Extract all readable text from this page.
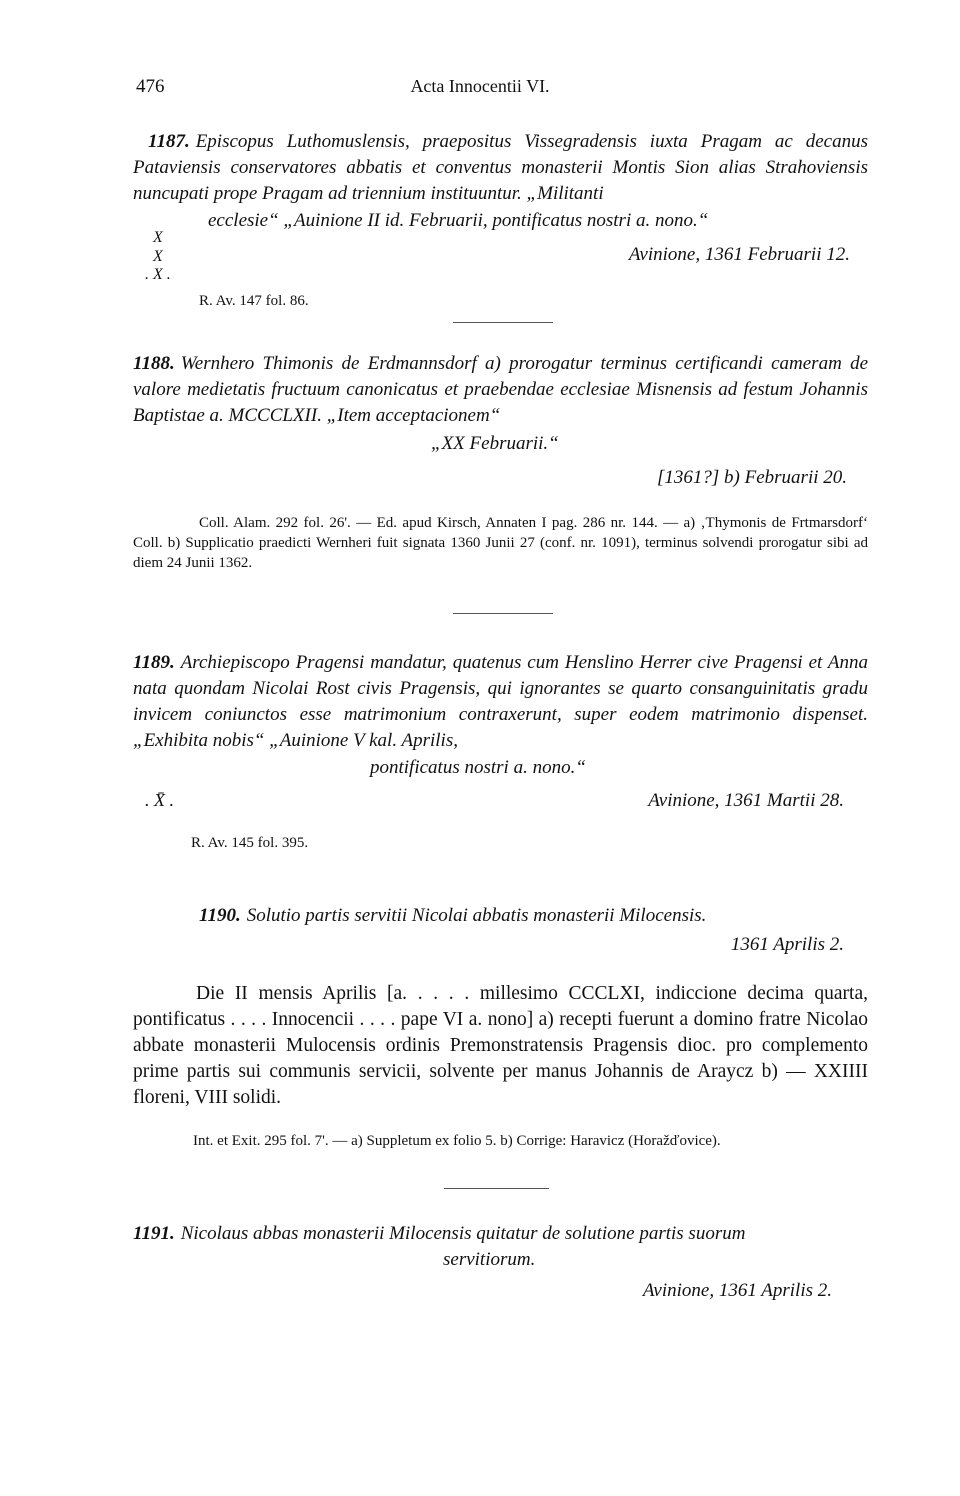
476	Acta Innocentii VI.
1187. Episcopus Luthomuslensis, praepositus Vissegradensis iuxta Pragam ac decanus Pataviensis conservatores abbatis et conventus monasterii Montis Sion alias Strahoviensis nuncupati prope Pragam ad triennium instituuntur. „Militanti
ecclesie“ „Auinione II id. Februarii, pontificatus nostri a. nono.“
X
X
. X .
Avinione, 1361 Februarii 12.
R. Av. 147 fol. 86.
1188. Wernhero Thimonis de Erdmannsdorf a) prorogatur terminus certificandi cameram de valore medietatis fructuum canonicatus et praebendae ecclesiae Misnensis ad festum Johannis Baptistae a. MCCCLXII. „Item acceptacionem“
„XX Februarii.“
[1361?] b) Februarii 20.
Coll. Alam. 292 fol. 26'. — Ed. apud Kirsch, Annaten I pag. 286 nr. 144. — a) ‚Thymonis de Frtmarsdorf‘ Coll. b) Supplicatio praedicti Wernheri fuit signata 1360 Junii 27 (conf. nr. 1091), terminus solvendi prorogatur sibi ad diem 24 Junii 1362.
1189. Archiepiscopo Pragensi mandatur, quatenus cum Henslino Herrer cive Pragensi et Anna nata quondam Nicolai Rost civis Pragensis, qui ignorantes se quarto consanguinitatis gradu invicem coniunctos esse matrimonium contraxerunt, super eodem matrimonio dispenset. „Exhibita nobis“ „Auinione V kal. Aprilis,
pontificatus nostri a. nono.“
. X̄ .	Avinione, 1361 Martii 28.
R. Av. 145 fol. 395.
1190. Solutio partis servitii Nicolai abbatis monasterii Milocensis.
1361 Aprilis 2.
Die II mensis Aprilis [a. . . . . millesimo CCCLXI, indiccione decima quarta, pontificatus . . . . Innocencii . . . . pape VI a. nono] a) recepti fuerunt a domino fratre Nicolao abbate monasterii Mulocensis ordinis Premonstratensis Pragensis dioc. pro complemento prime partis sui communis servicii, solvente per manus Johannis de Araycz b) — XXIIII floreni, VIII solidi.
Int. et Exit. 295 fol. 7'. — a) Suppletum ex folio 5. b) Corrige: Haravicz (Horažďovice).
1191. Nicolaus abbas monasterii Milocensis quitatur de solutione partis suorum
servitiorum.
Avinione, 1361 Aprilis 2.
